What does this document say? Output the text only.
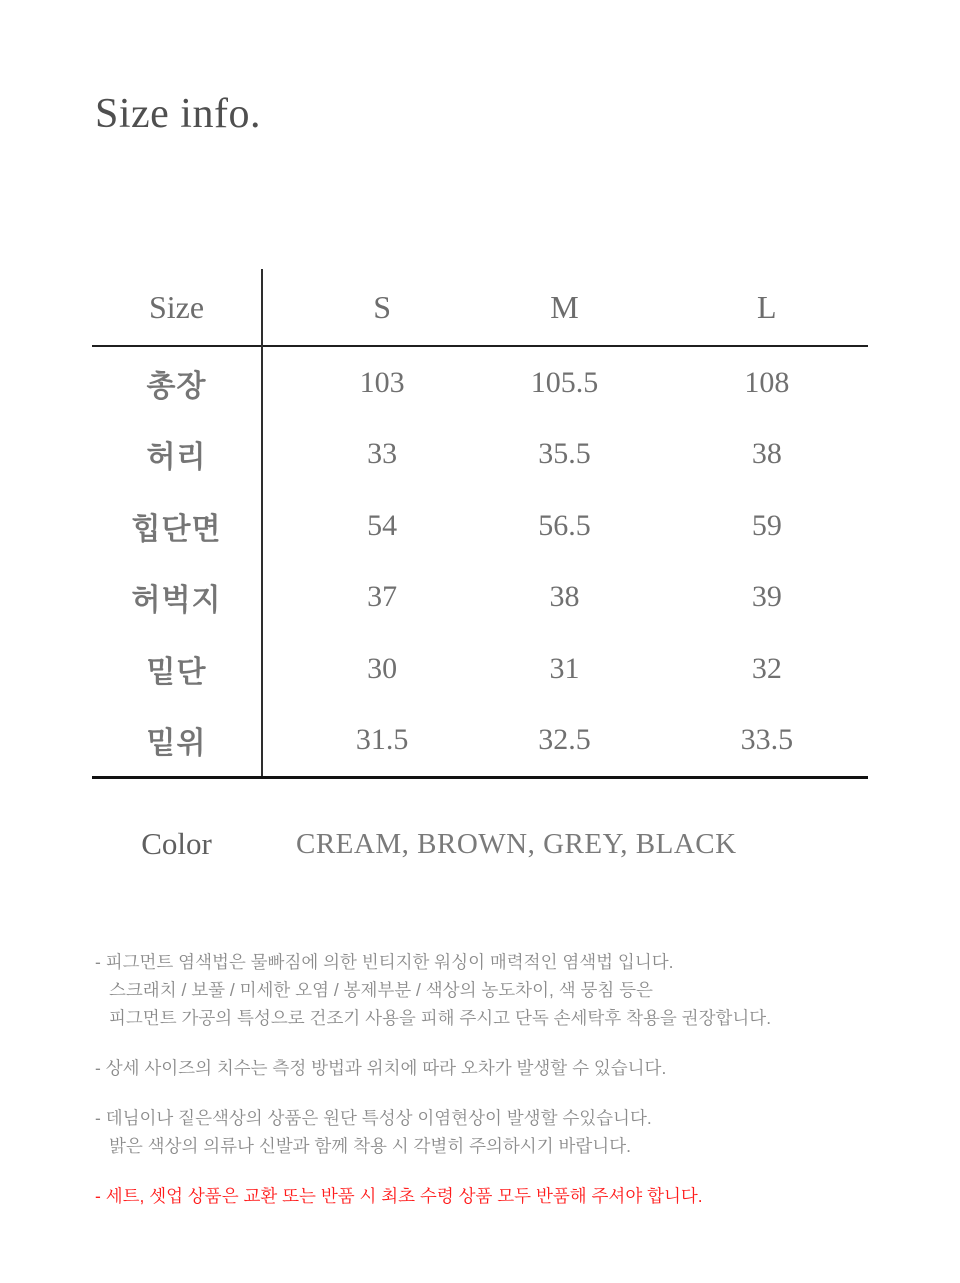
Size info.
Size	S	M	L
총장	103	105.5	108
허리	33	35.5	38
힙단면	54	56.5	59
허벅지	37	38	39
밑단	30	31	32
밑위	31.5	32.5	33.5
Color	CREAM, BROWN, GREY, BLACK
- 피그먼트 염색법은 물빠짐에 의한 빈티지한 워싱이 매력적인 염색법 입니다.
스크래치 / 보풀 / 미세한 오염 / 봉제부분 / 색상의 농도차이, 색 뭉침 등은
피그먼트 가공의 특성으로 건조기 사용을 피해 주시고 단독 손세탁후 착용을 권장합니다.
- 상세 사이즈의 치수는 측정 방법과 위치에 따라 오차가 발생할 수 있습니다.
- 데님이나 짙은색상의 상품은 원단 특성상 이염현상이 발생할 수있습니다.
밝은 색상의 의류나 신발과 함께 착용 시 각별히 주의하시기 바랍니다.
- 세트, 셋업 상품은 교환 또는 반품 시 최초 수령 상품 모두 반품해 주셔야 합니다.
